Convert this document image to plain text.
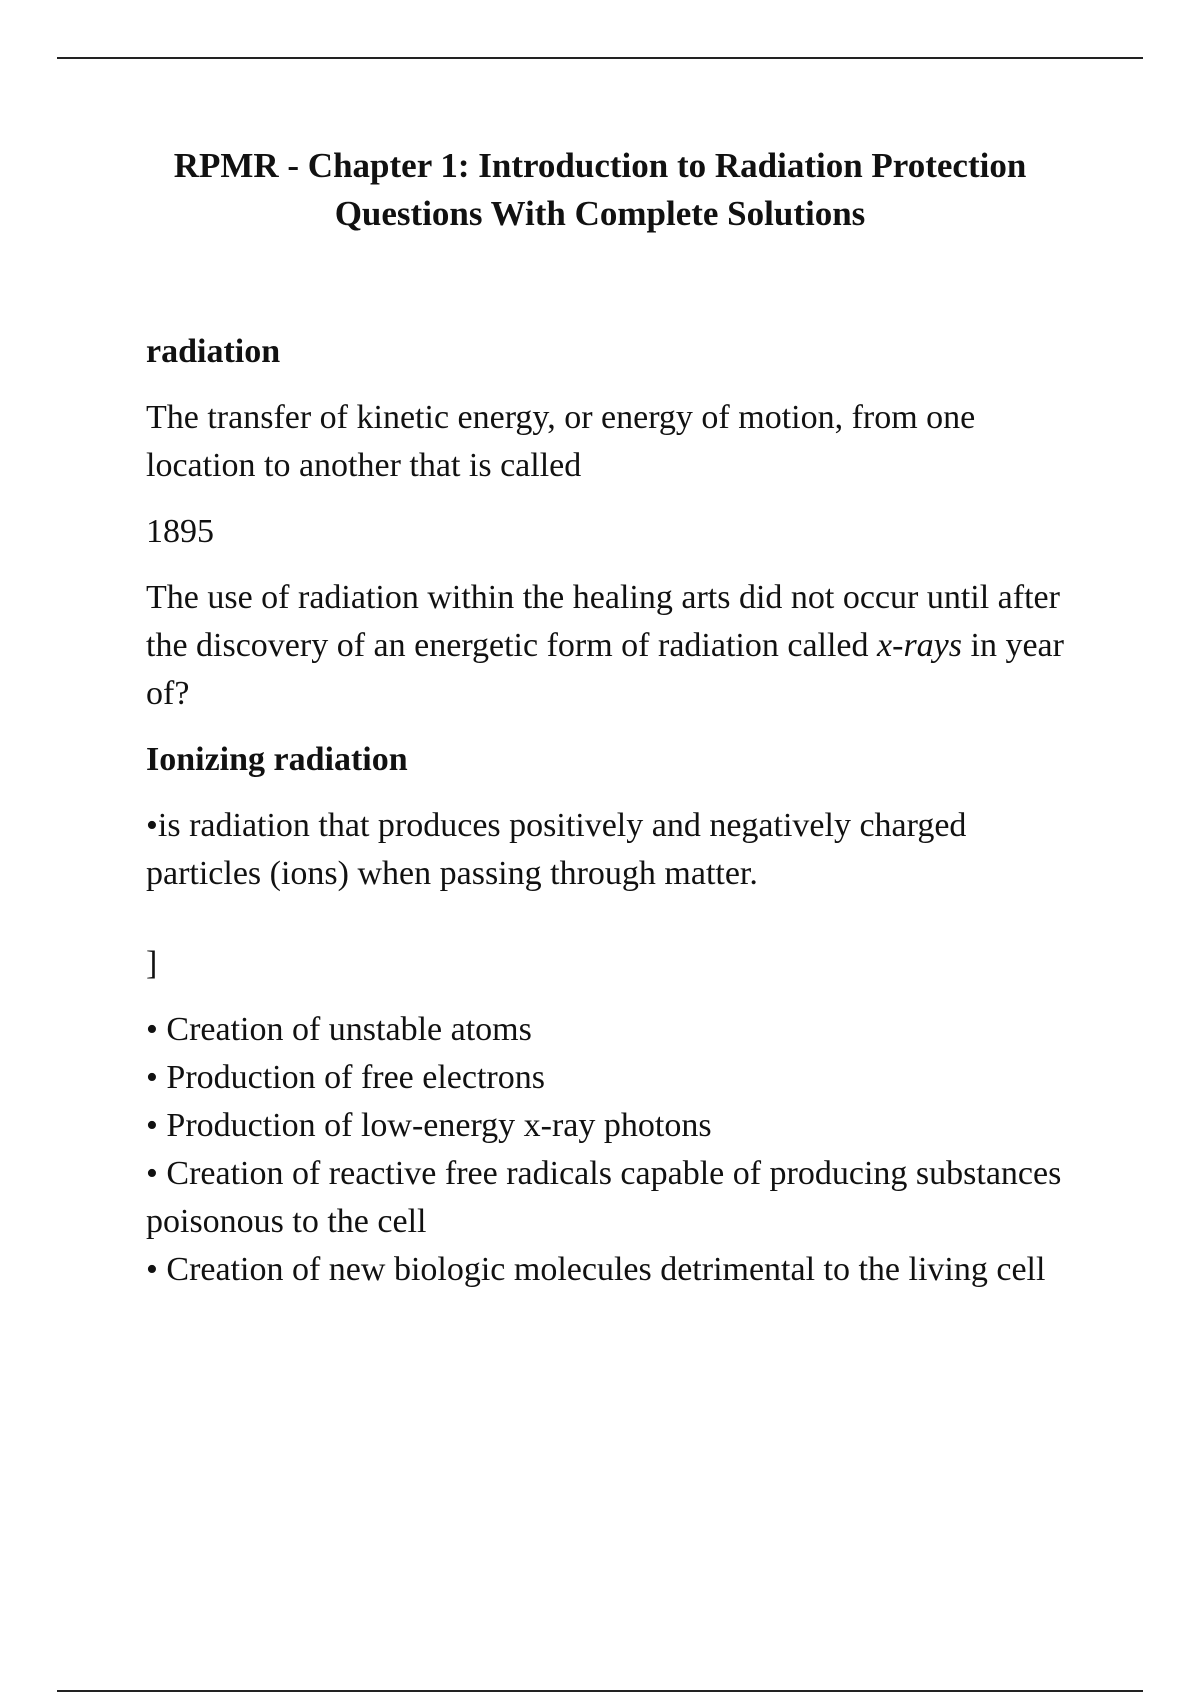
RPMR - Chapter 1: Introduction to Radiation Protection
Questions With Complete Solutions
radiation
The transfer of kinetic energy, or energy of motion, from one location to another that is called
1895
The use of radiation within the healing arts did not occur until after the discovery of an energetic form of radiation called x-rays in year of?
Ionizing radiation
•is radiation that produces positively and negatively charged particles (ions) when passing through matter.
]
• Creation of unstable atoms
• Production of free electrons
• Production of low-energy x-ray photons
• Creation of reactive free radicals capable of producing substances poisonous to the cell
• Creation of new biologic molecules detrimental to the living cell
